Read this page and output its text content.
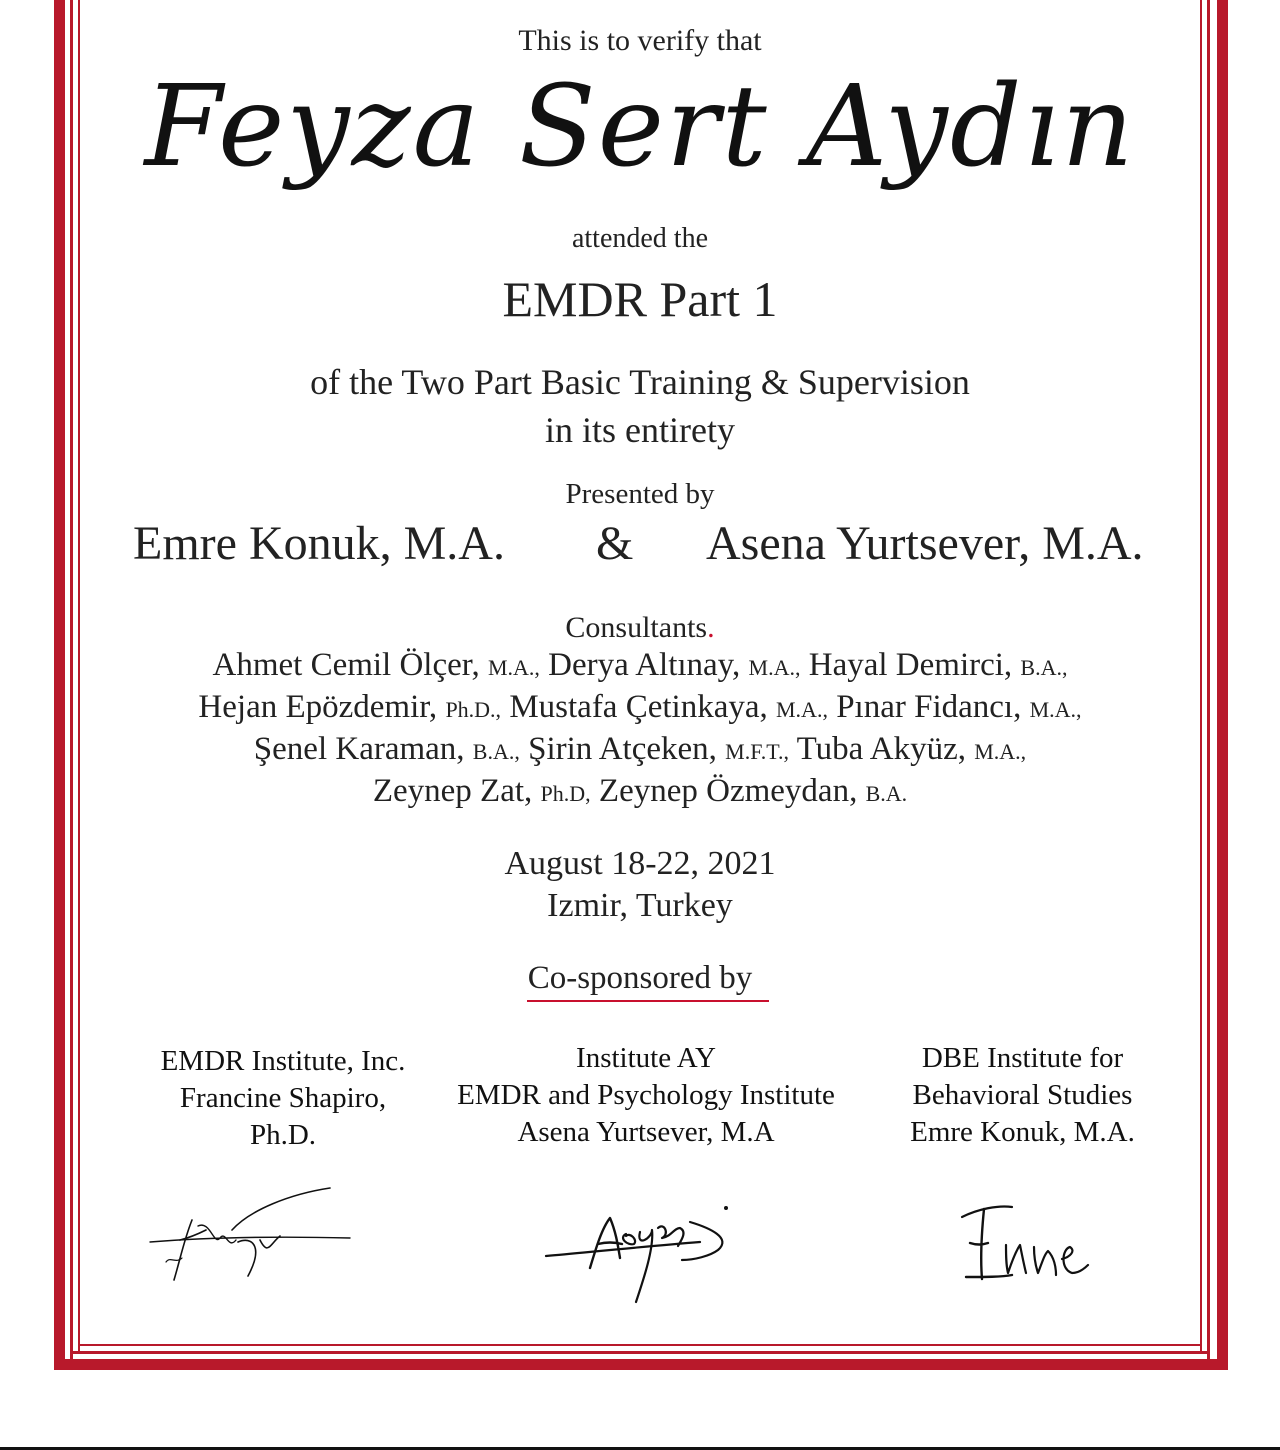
This is to verify that
Feyza Sert Aydın
attended the
EMDR Part 1
of the Two Part Basic Training & Supervision
in its entirety
Presented by
Emre Konuk, M.A. & Asena Yurtsever, M.A.
Consultants.
Ahmet Cemil Ölçer, M.A., Derya Altınay, M.A., Hayal Demirci, B.A.,
Hejan Epözdemir, Ph.D., Mustafa Çetinkaya, M.A., Pınar Fidancı, M.A.,
Şenel Karaman, B.A., Şirin Atçeken, M.F.T., Tuba Akyüz, M.A.,
Zeynep Zat, Ph.D, Zeynep Özmeydan, B.A.
August 18-22, 2021
Izmir, Turkey
Co-sponsored by
EMDR Institute, Inc.
Francine Shapiro,
Ph.D.
Institute AY
EMDR and Psychology Institute
Asena Yurtsever, M.A
DBE Institute for
Behavioral Studies
Emre Konuk, M.A.
